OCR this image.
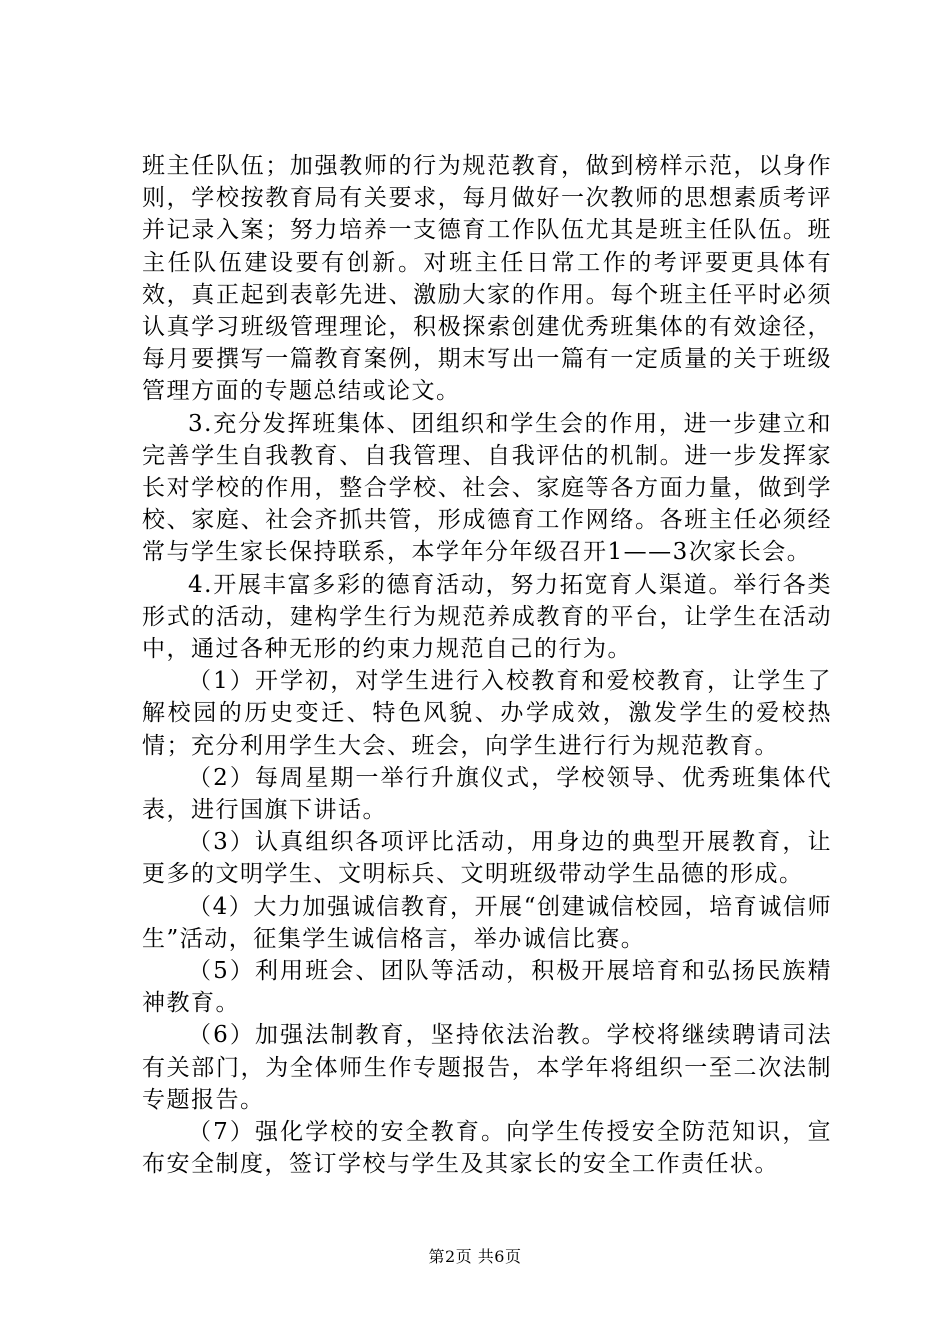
班主任队伍；加强教师的行为规范教育，做到榜样示范，以身作则，学校按教育局有关要求，每月做好一次教师的思想素质考评并记录入案；努力培养一支德育工作队伍尤其是班主任队伍。班主任队伍建设要有创新。对班主任日常工作的考评要更具体有效，真正起到表彰先进、激励大家的作用。每个班主任平时必须认真学习班级管理理论，积极探索创建优秀班集体的有效途径，每月要撰写一篇教育案例，期末写出一篇有一定质量的关于班级管理方面的专题总结或论文。

3.充分发挥班集体、团组织和学生会的作用，进一步建立和完善学生自我教育、自我管理、自我评估的机制。进一步发挥家长对学校的作用，整合学校、社会、家庭等各方面力量，做到学校、家庭、社会齐抓共管，形成德育工作网络。各班主任必须经常与学生家长保持联系，本学年分年级召开1——3次家长会。

4.开展丰富多彩的德育活动，努力拓宽育人渠道。举行各类形式的活动，建构学生行为规范养成教育的平台，让学生在活动中，通过各种无形的约束力规范自己的行为。

（1）开学初，对学生进行入校教育和爱校教育，让学生了解校园的历史变迁、特色风貌、办学成效，激发学生的爱校热情；充分利用学生大会、班会，向学生进行行为规范教育。

（2）每周星期一举行升旗仪式，学校领导、优秀班集体代表，进行国旗下讲话。

（3）认真组织各项评比活动，用身边的典型开展教育，让更多的文明学生、文明标兵、文明班级带动学生品德的形成。

（4）大力加强诚信教育，开展“创建诚信校园，培育诚信师生”活动，征集学生诚信格言，举办诚信比赛。

（5）利用班会、团队等活动，积极开展培育和弘扬民族精神教育。

（6）加强法制教育，坚持依法治教。学校将继续聘请司法有关部门，为全体师生作专题报告，本学年将组织一至二次法制专题报告。

（7）强化学校的安全教育。向学生传授安全防范知识，宣布安全制度，签订学校与学生及其家长的安全工作责任状。

第2页 共6页
